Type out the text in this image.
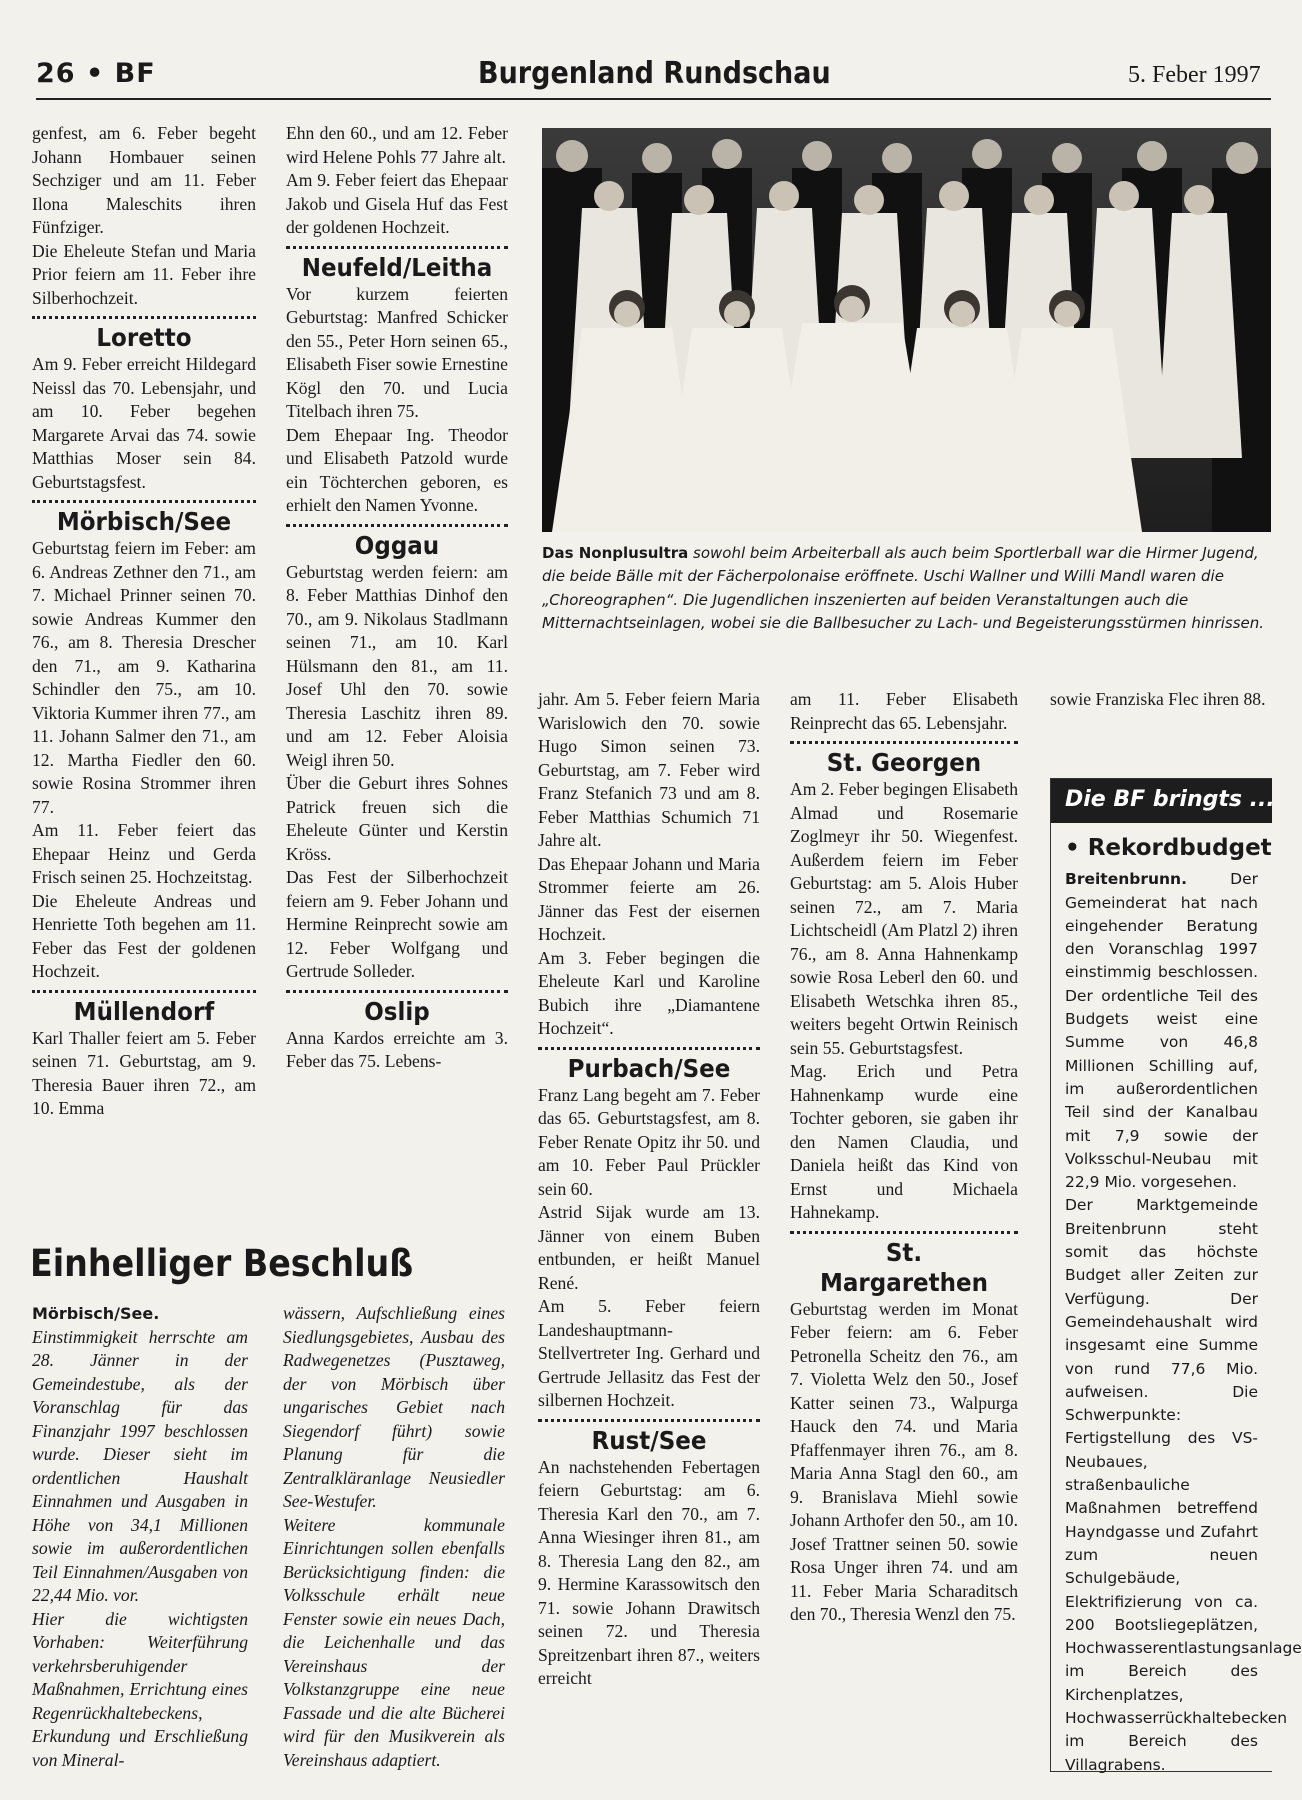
26 • BF	Burgenland Rundschau	5. Feber 1997

genfest, am 6. Feber begeht Johann Hombauer seinen Sechziger und am 11. Feber Ilona Maleschits ihren Fünfziger.

Die Eheleute Stefan und Maria Prior feiern am 11. Feber ihre Silberhochzeit.

Loretto

Am 9. Feber erreicht Hildegard Neissl das 70. Lebensjahr, und am 10. Feber begehen Margarete Arvai das 74. sowie Matthias Moser sein 84. Geburtstagsfest.

Mörbisch/See

Geburtstag feiern im Feber: am 6. Andreas Zethner den 71., am 7. Michael Prinner seinen 70. sowie Andreas Kummer den 76., am 8. Theresia Drescher den 71., am 9. Katharina Schindler den 75., am 10. Viktoria Kummer ihren 77., am 11. Johann Salmer den 71., am 12. Martha Fiedler den 60. sowie Rosina Strommer ihren 77.

Am 11. Feber feiert das Ehepaar Heinz und Gerda Frisch seinen 25. Hochzeitstag.

Die Eheleute Andreas und Henriette Toth begehen am 11. Feber das Fest der goldenen Hochzeit.

Müllendorf

Karl Thaller feiert am 5. Feber seinen 71. Geburtstag, am 9. Theresia Bauer ihren 72., am 10. Emma

Ehn den 60., und am 12. Feber wird Helene Pohls 77 Jahre alt.

Am 9. Feber feiert das Ehepaar Jakob und Gisela Huf das Fest der goldenen Hochzeit.

Neufeld/Leitha

Vor kurzem feierten Geburtstag: Manfred Schicker den 55., Peter Horn seinen 65., Elisabeth Fiser sowie Ernestine Kögl den 70. und Lucia Titelbach ihren 75.

Dem Ehepaar Ing. Theodor und Elisabeth Patzold wurde ein Töchterchen geboren, es erhielt den Namen Yvonne.

Oggau

Geburtstag werden feiern: am 8. Feber Matthias Dinhof den 70., am 9. Nikolaus Stadlmann seinen 71., am 10. Karl Hülsmann den 81., am 11. Josef Uhl den 70. sowie Theresia Laschitz ihren 89. und am 12. Feber Aloisia Weigl ihren 50.

Über die Geburt ihres Sohnes Patrick freuen sich die Eheleute Günter und Kerstin Kröss.

Das Fest der Silberhochzeit feiern am 9. Feber Johann und Hermine Reinprecht sowie am 12. Feber Wolfgang und Gertrude Solleder.

Oslip

Anna Kardos erreichte am 3. Feber das 75. Lebens-

Das Nonplusultra sowohl beim Arbeiterball als auch beim Sportlerball war die Hirmer Jugend, die beide Bälle mit der Fächerpolonaise eröffnete. Uschi Wallner und Willi Mandl waren die „Choreographen“. Die Jugendlichen inszenierten auf beiden Veranstaltungen auch die Mitternachtseinlagen, wobei sie die Ballbesucher zu Lach- und Begeisterungsstürmen hinrissen.

jahr. Am 5. Feber feiern Maria Warislowich den 70. sowie Hugo Simon seinen 73. Geburtstag, am 7. Feber wird Franz Stefanich 73 und am 8. Feber Matthias Schumich 71 Jahre alt.

Das Ehepaar Johann und Maria Strommer feierte am 26. Jänner das Fest der eisernen Hochzeit.

Am 3. Feber begingen die Eheleute Karl und Karoline Bubich ihre „Diamantene Hochzeit“.

Purbach/See

Franz Lang begeht am 7. Feber das 65. Geburtstagsfest, am 8. Feber Renate Opitz ihr 50. und am 10. Feber Paul Prückler sein 60.

Astrid Sijak wurde am 13. Jänner von einem Buben entbunden, er heißt Manuel René.

Am 5. Feber feiern Landeshauptmann-Stellvertreter Ing. Gerhard und Gertrude Jellasitz das Fest der silbernen Hochzeit.

Rust/See

An nachstehenden Febertagen feiern Geburtstag: am 6. Theresia Karl den 70., am 7. Anna Wiesinger ihren 81., am 8. Theresia Lang den 82., am 9. Hermine Karassowitsch den 71. sowie Johann Drawitsch seinen 72. und Theresia Spreitzenbart ihren 87., weiters erreicht

am 11. Feber Elisabeth Reinprecht das 65. Lebensjahr.

St. Georgen

Am 2. Feber begingen Elisabeth Almad und Rosemarie Zoglmeyr ihr 50. Wiegenfest. Außerdem feiern im Feber Geburtstag: am 5. Alois Huber seinen 72., am 7. Maria Lichtscheidl (Am Platzl 2) ihren 76., am 8. Anna Hahnenkamp sowie Rosa Leberl den 60. und Elisabeth Wetschka ihren 85., weiters begeht Ortwin Reinisch sein 55. Geburtstagsfest.

Mag. Erich und Petra Hahnenkamp wurde eine Tochter geboren, sie gaben ihr den Namen Claudia, und Daniela heißt das Kind von Ernst und Michaela Hahnekamp.

St. Margarethen

Geburtstag werden im Monat Feber feiern: am 6. Feber Petronella Scheitz den 76., am 7. Violetta Welz den 50., Josef Katter seinen 73., Walpurga Hauck den 74. und Maria Pfaffenmayer ihren 76., am 8. Maria Anna Stagl den 60., am 9. Branislava Miehl sowie Johann Arthofer den 50., am 10. Josef Trattner seinen 50. sowie Rosa Unger ihren 74. und am 11. Feber Maria Scharaditsch den 70., Theresia Wenzl den 75.

sowie Franziska Flec ihren 88.

Die BF bringts ...
• Rekordbudget

Breitenbrunn. Der Gemeinderat hat nach eingehender Beratung den Voranschlag 1997 einstimmig beschlossen. Der ordentliche Teil des Budgets weist eine Summe von 46,8 Millionen Schilling auf, im außerordentlichen Teil sind der Kanalbau mit 7,9 sowie der Volksschul-Neubau mit 22,9 Mio. vorgesehen.

Der Marktgemeinde Breitenbrunn steht somit das höchste Budget aller Zeiten zur Verfügung. Der Gemeindehaushalt wird insgesamt eine Summe von rund 77,6 Mio. aufweisen. Die Schwerpunkte: Fertigstellung des VS-Neubaues, straßenbauliche Maßnahmen betreffend Hayndgasse und Zufahrt zum neuen Schulgebäude, Elektrifizierung von ca. 200 Bootsliegeplätzen, Hochwasserentlastungsanlage im Bereich des Kirchenplatzes, Hochwasserrückhaltebecken im Bereich des Villagrabens.

Einhelliger Beschluß

Mörbisch/See. Einstimmigkeit herrschte am 28. Jänner in der Gemeindestube, als der Voranschlag für das Finanzjahr 1997 beschlossen wurde. Dieser sieht im ordentlichen Haushalt Einnahmen und Ausgaben in Höhe von 34,1 Millionen sowie im außerordentlichen Teil Einnahmen/Ausgaben von 22,44 Mio. vor.

Hier die wichtigsten Vorhaben: Weiterführung verkehrsberuhigender Maßnahmen, Errichtung eines Regenrückhaltebeckens, Erkundung und Erschließung von Mineral-

wässern, Aufschließung eines Siedlungsgebietes, Ausbau des Radwegenetzes (Pusztaweg, der von Mörbisch über ungarisches Gebiet nach Siegendorf führt) sowie Planung für die Zentralkläranlage Neusiedler See-Westufer.

Weitere kommunale Einrichtungen sollen ebenfalls Berücksichtigung finden: die Volksschule erhält neue Fenster sowie ein neues Dach, die Leichenhalle und das Vereinshaus der Volkstanzgruppe eine neue Fassade und die alte Bücherei wird für den Musikverein als Vereinshaus adaptiert.
